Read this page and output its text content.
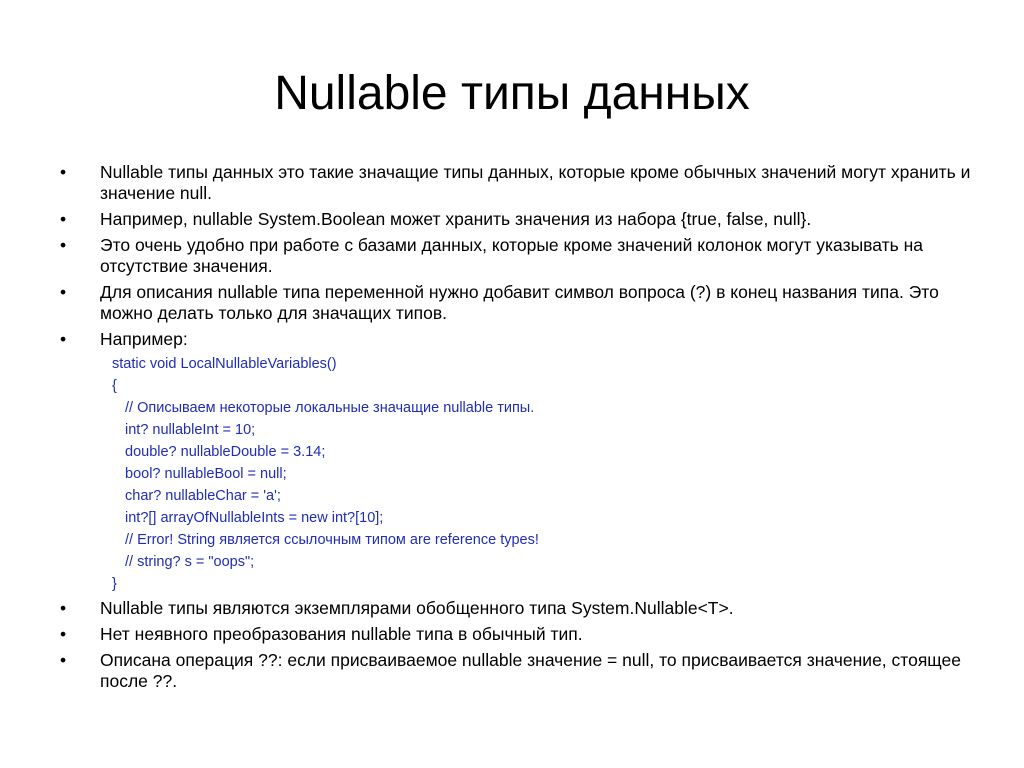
Nullable типы данных
•	Nullable типы данных это такие значащие типы данных, которые кроме обычных значений могут хранить и значение null.
•	Например, nullable System.Boolean может хранить значения из набора {true, false, null}.
•	Это очень удобно при работе с базами данных, которые кроме значений колонок могут указывать на отсутствие значения.
•	Для описания nullable типа переменной нужно добавит символ вопроса (?) в конец названия типа. Это можно делать только для значащих типов.
•	Например:
static void LocalNullableVariables()
{
// Описываем некоторые локальные значащие nullable типы.
int? nullableInt = 10;
double? nullableDouble = 3.14;
bool? nullableBool = null;
char? nullableChar = 'a';
int?[] arrayOfNullableInts = new int?[10];
// Error! String является ссылочным типом are reference types!
// string? s = "oops";
}
•	Nullable типы являются экземплярами обобщенного типа System.Nullable<T>.
•	Нет неявного преобразования nullable типа в обычный тип.
•	Описана операция ??: если присваиваемое nullable значение = null, то присваивается значение, стоящее после ??.
